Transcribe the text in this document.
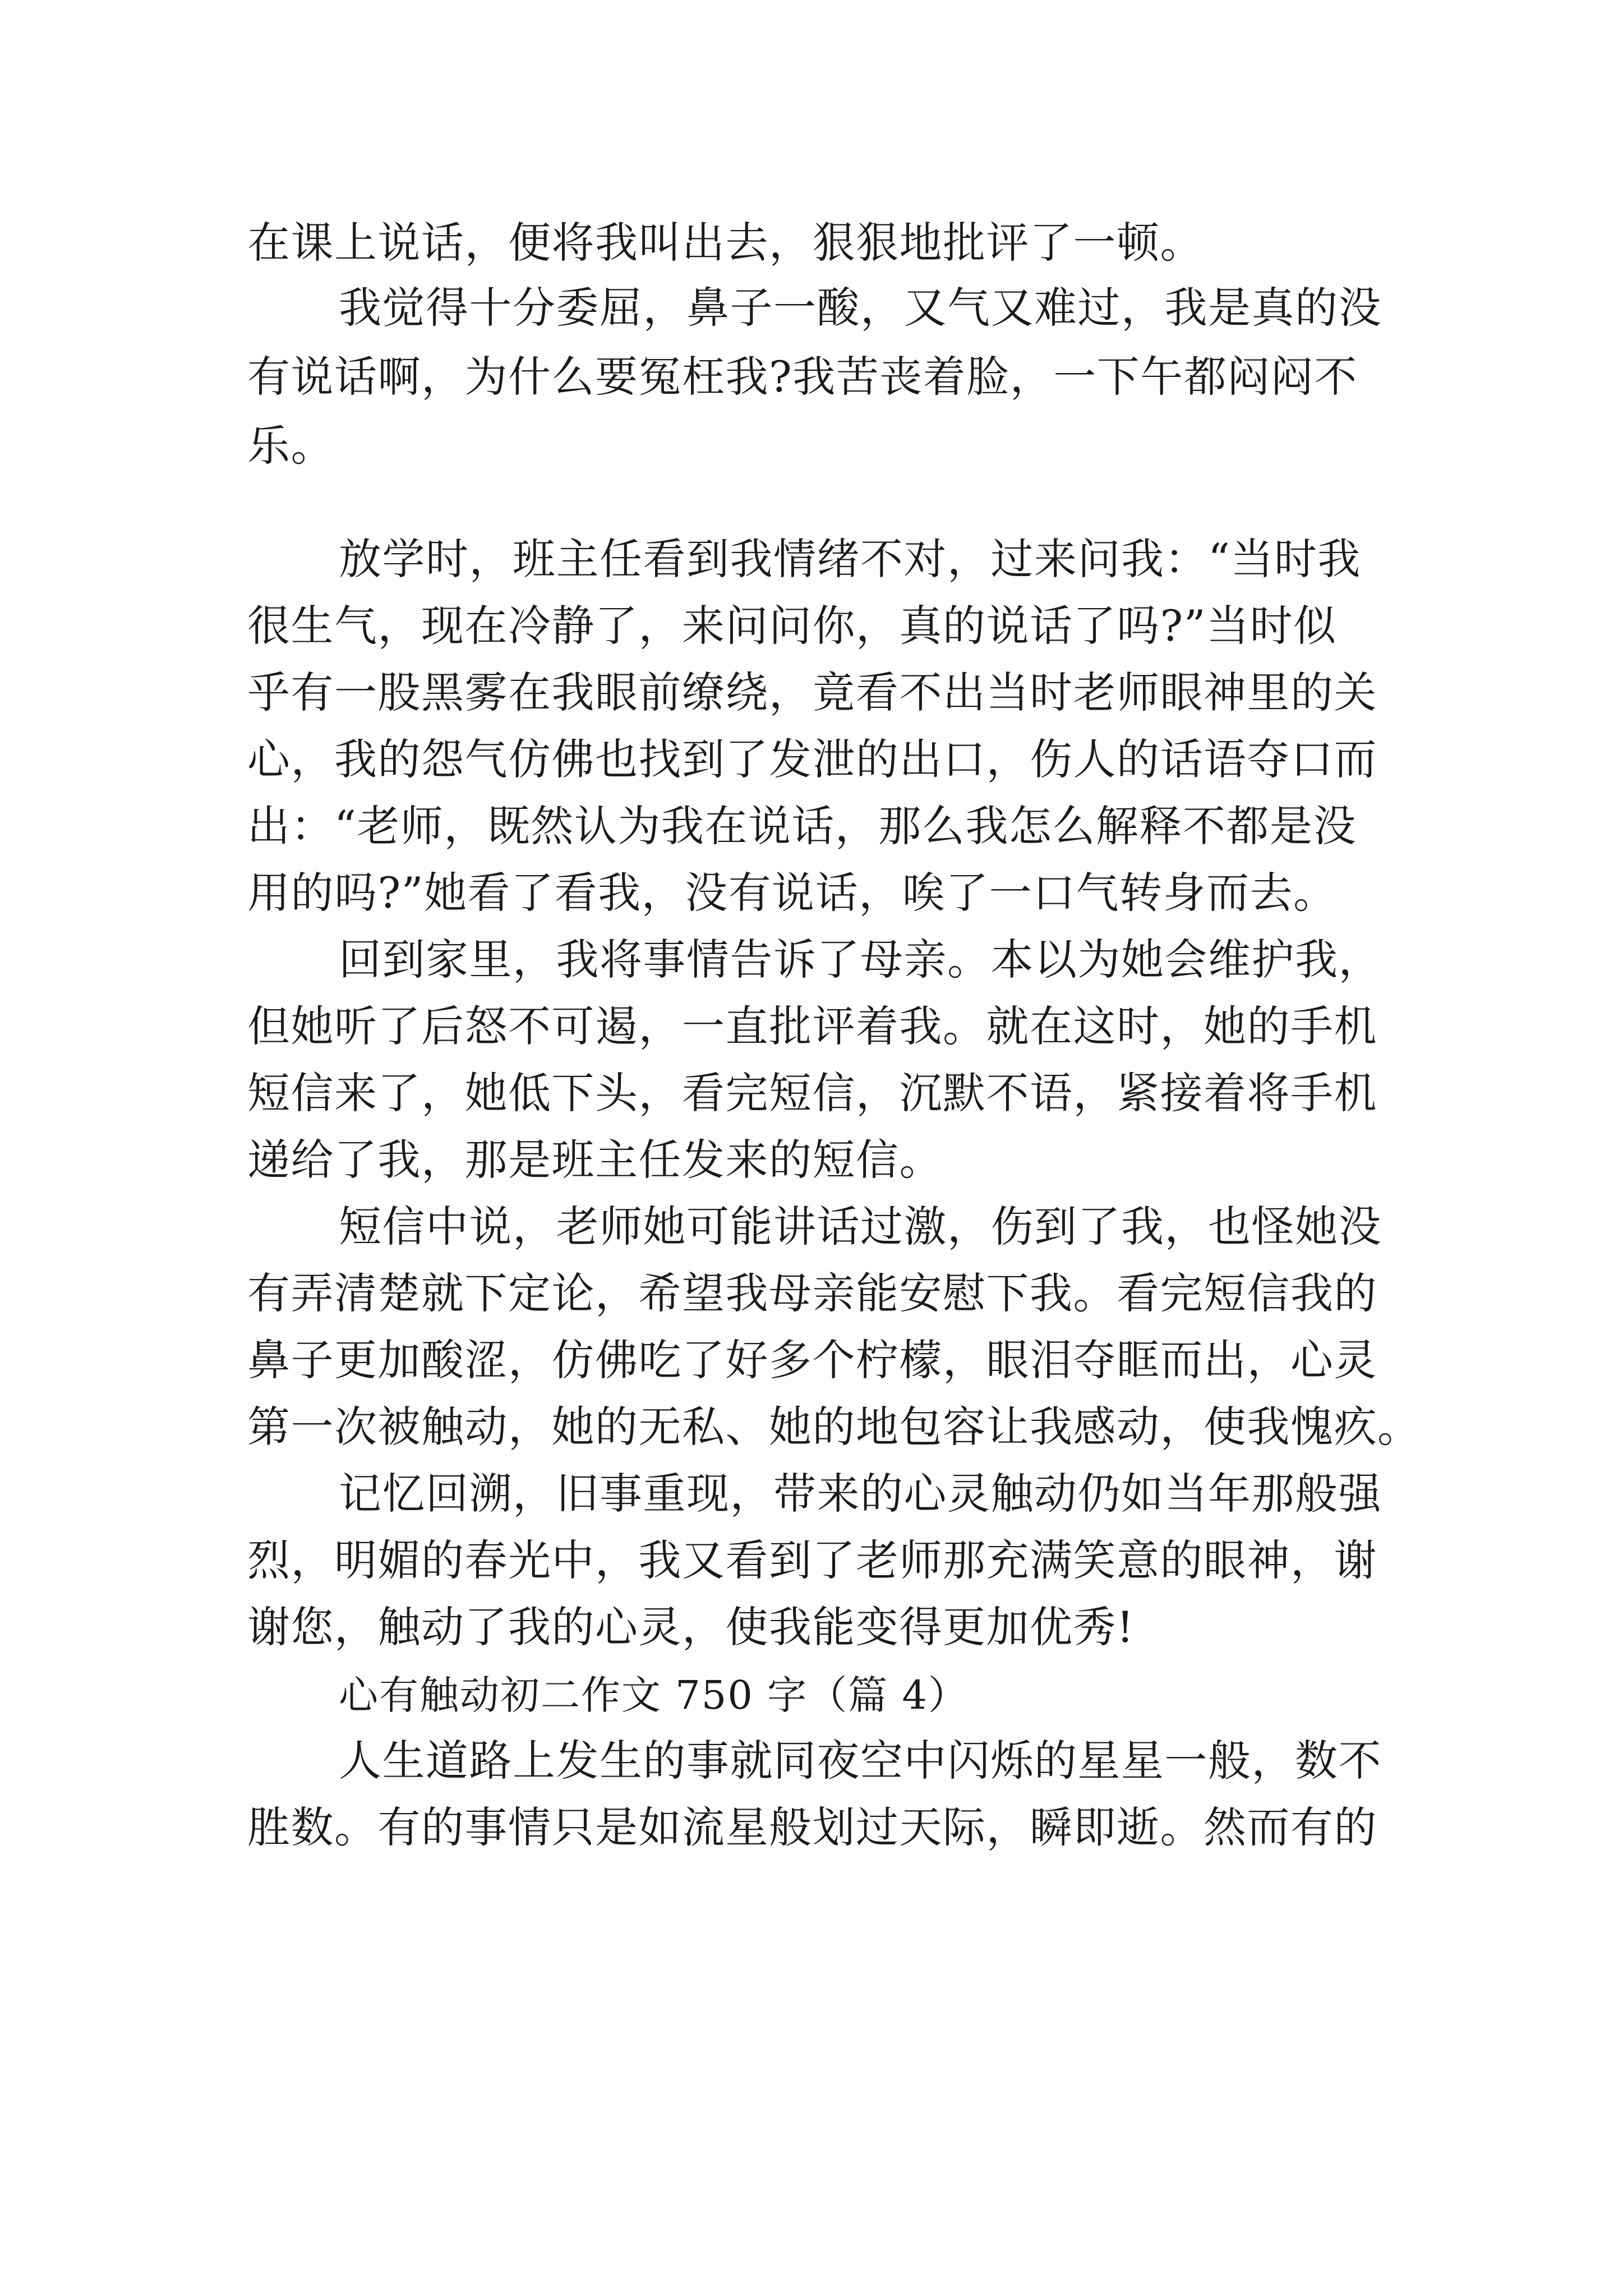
在课上说话，便将我叫出去，狠狠地批评了一顿。
我觉得十分委屈，鼻子一酸，又气又难过，我是真的没
有说话啊，为什么要冤枉我?我苦丧着脸，一下午都闷闷不
乐。
放学时，班主任看到我情绪不对，过来问我：“当时我
很生气，现在冷静了，来问问你，真的说话了吗?”当时似
乎有一股黑雾在我眼前缭绕，竟看不出当时老师眼神里的关
心，我的怨气仿佛也找到了发泄的出口，伤人的话语夺口而
出：“老师，既然认为我在说话，那么我怎么解释不都是没
用的吗?”她看了看我，没有说话，唉了一口气转身而去。
回到家里，我将事情告诉了母亲。本以为她会维护我，
但她听了后怒不可遏，一直批评着我。就在这时，她的手机
短信来了，她低下头，看完短信，沉默不语，紧接着将手机
递给了我，那是班主任发来的短信。
短信中说，老师她可能讲话过激，伤到了我，也怪她没
有弄清楚就下定论，希望我母亲能安慰下我。看完短信我的
鼻子更加酸涩，仿佛吃了好多个柠檬，眼泪夺眶而出，心灵
第一次被触动，她的无私、她的地包容让我感动，使我愧疚。
记忆回溯，旧事重现，带来的心灵触动仍如当年那般强
烈，明媚的春光中，我又看到了老师那充满笑意的眼神，谢
谢您，触动了我的心灵，使我能变得更加优秀!
心有触动初二作文 750 字（篇 4）
人生道路上发生的事就同夜空中闪烁的星星一般，数不
胜数。有的事情只是如流星般划过天际，瞬即逝。然而有的
